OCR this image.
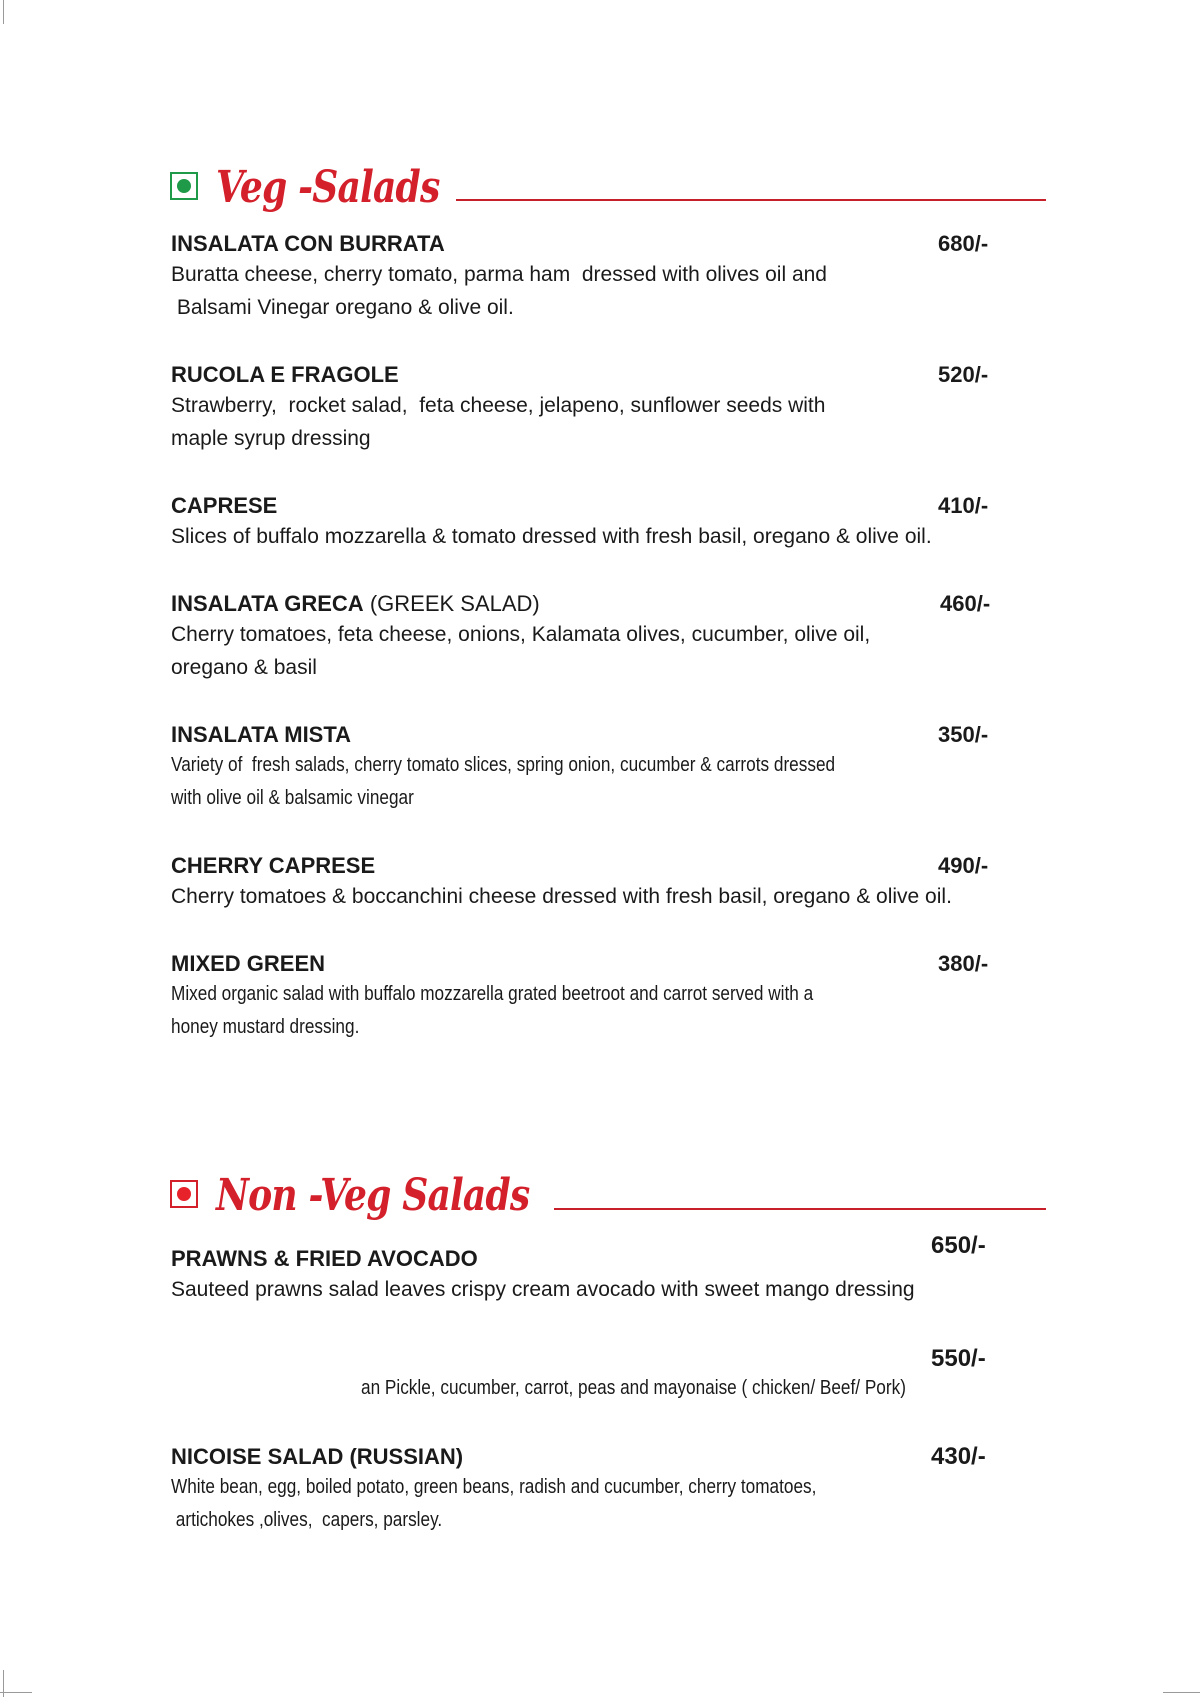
Veg -Salads
INSALATA CON BURRATA	680/-
Buratta cheese, cherry tomato, parma ham  dressed with olives oil and
Balsami Vinegar oregano & olive oil.
RUCOLA E FRAGOLE	520/-
Strawberry,  rocket salad,  feta cheese, jelapeno, sunflower seeds with
maple syrup dressing
CAPRESE	410/-
Slices of buffalo mozzarella & tomato dressed with fresh basil, oregano & olive oil.
INSALATA GRECA (GREEK SALAD)	460/-
Cherry tomatoes, feta cheese, onions, Kalamata olives, cucumber, olive oil,
oregano & basil
INSALATA MISTA	350/-
Variety of  fresh salads, cherry tomato slices, spring onion, cucumber & carrots dressed
with olive oil & balsamic vinegar
CHERRY CAPRESE	490/-
Cherry tomatoes & boccanchini cheese dressed with fresh basil, oregano & olive oil.
MIXED GREEN	380/-
Mixed organic salad with buffalo mozzarella grated beetroot and carrot served with a
honey mustard dressing.
Non -Veg Salads
PRAWNS & FRIED AVOCADO	650/-
Sauteed prawns salad leaves crispy cream avocado with sweet mango dressing
550/-
an Pickle, cucumber, carrot, peas and mayonaise ( chicken/ Beef/ Pork)
NICOISE SALAD (RUSSIAN)	430/-
White bean, egg, boiled potato, green beans, radish and cucumber, cherry tomatoes,
artichokes ,olives,  capers, parsley.
